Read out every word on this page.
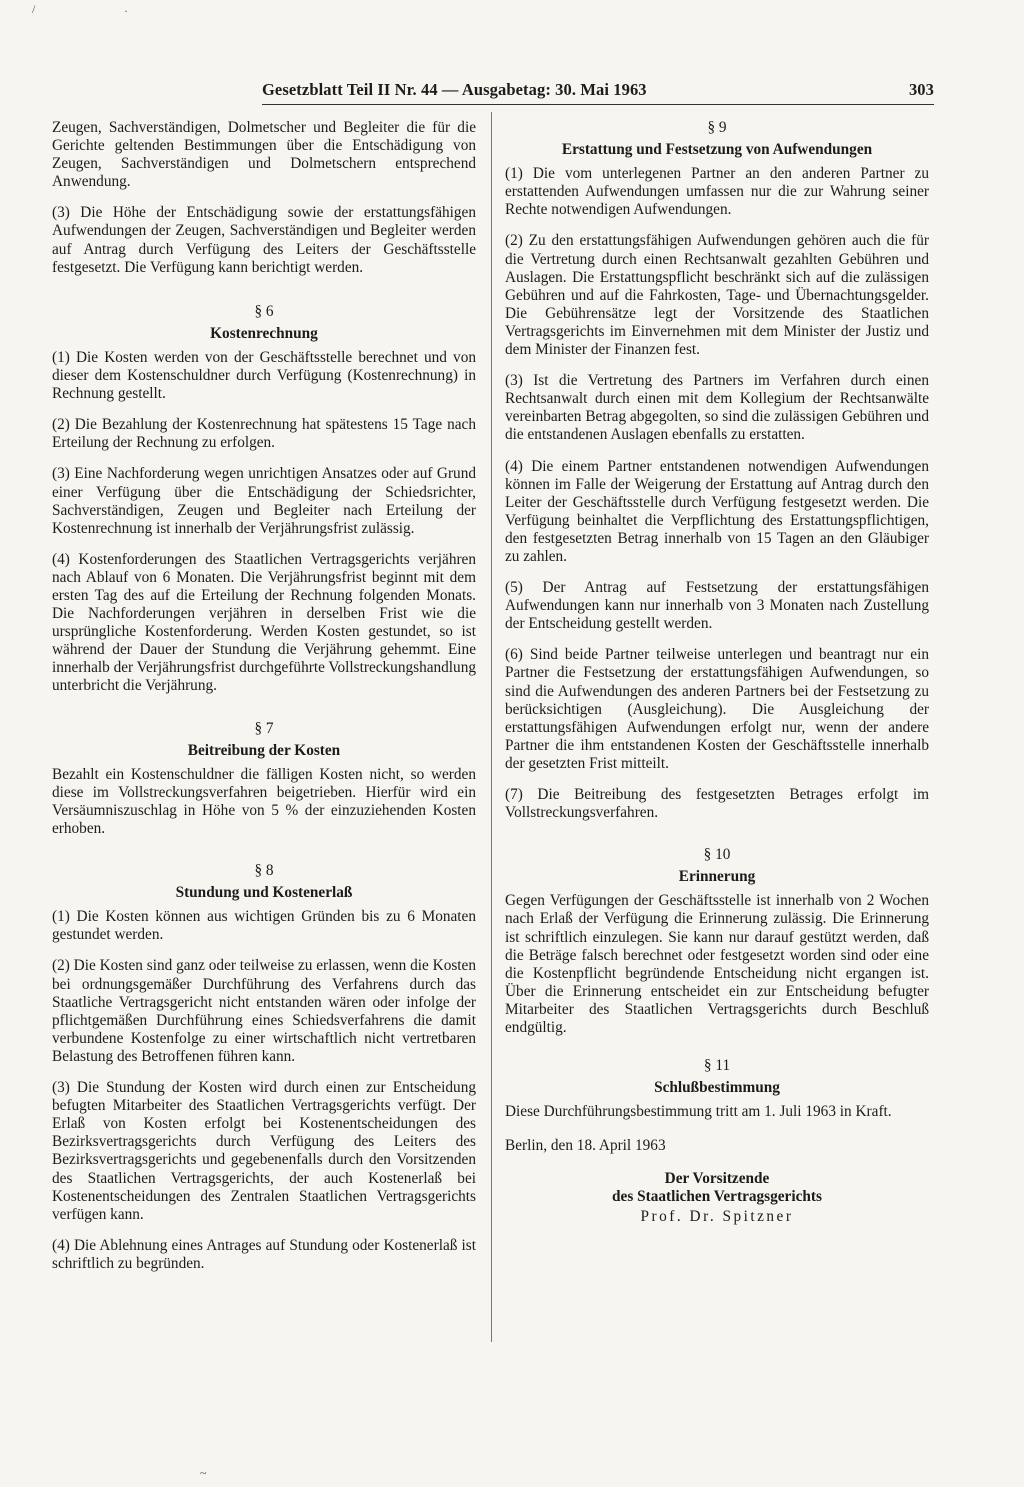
/	·
~
Gesetzblatt Teil II Nr. 44 — Ausgabetag: 30. Mai 1963	303

Zeugen, Sachverständigen, Dolmetscher und Begleiter die für die Gerichte geltenden Bestimmungen über die Entschädigung von Zeugen, Sachverständigen und Dolmetschern entsprechend Anwendung.

(3) Die Höhe der Entschädigung sowie der erstattungsfähigen Aufwendungen der Zeugen, Sachverständigen und Begleiter werden auf Antrag durch Verfügung des Leiters der Geschäftsstelle festgesetzt. Die Verfügung kann berichtigt werden.

§ 6
Kostenrechnung

(1) Die Kosten werden von der Geschäftsstelle berechnet und von dieser dem Kostenschuldner durch Verfügung (Kostenrechnung) in Rechnung gestellt.

(2) Die Bezahlung der Kostenrechnung hat spätestens 15 Tage nach Erteilung der Rechnung zu erfolgen.

(3) Eine Nachforderung wegen unrichtigen Ansatzes oder auf Grund einer Verfügung über die Entschädigung der Schiedsrichter, Sachverständigen, Zeugen und Begleiter nach Erteilung der Kostenrechnung ist innerhalb der Verjährungsfrist zulässig.

(4) Kostenforderungen des Staatlichen Vertragsgerichts verjähren nach Ablauf von 6 Monaten. Die Verjährungsfrist beginnt mit dem ersten Tag des auf die Erteilung der Rechnung folgenden Monats. Die Nachforderungen verjähren in derselben Frist wie die ursprüngliche Kostenforderung. Werden Kosten gestundet, so ist während der Dauer der Stundung die Verjährung gehemmt. Eine innerhalb der Verjährungsfrist durchgeführte Vollstreckungshandlung unterbricht die Verjährung.

§ 7
Beitreibung der Kosten

Bezahlt ein Kostenschuldner die fälligen Kosten nicht, so werden diese im Vollstreckungsverfahren beigetrieben. Hierfür wird ein Versäumniszuschlag in Höhe von 5 % der einzuziehenden Kosten erhoben.

§ 8
Stundung und Kostenerlaß

(1) Die Kosten können aus wichtigen Gründen bis zu 6 Monaten gestundet werden.

(2) Die Kosten sind ganz oder teilweise zu erlassen, wenn die Kosten bei ordnungsgemäßer Durchführung des Verfahrens durch das Staatliche Vertragsgericht nicht entstanden wären oder infolge der pflichtgemäßen Durchführung eines Schiedsverfahrens die damit verbundene Kostenfolge zu einer wirtschaftlich nicht vertretbaren Belastung des Betroffenen führen kann.

(3) Die Stundung der Kosten wird durch einen zur Entscheidung befugten Mitarbeiter des Staatlichen Vertragsgerichts verfügt. Der Erlaß von Kosten erfolgt bei Kostenentscheidungen des Bezirksvertragsgerichts durch Verfügung des Leiters des Bezirksvertragsgerichts und gegebenenfalls durch den Vorsitzenden des Staatlichen Vertragsgerichts, der auch Kostenerlaß bei Kostenentscheidungen des Zentralen Staatlichen Vertragsgerichts verfügen kann.

(4) Die Ablehnung eines Antrages auf Stundung oder Kostenerlaß ist schriftlich zu begründen.

§ 9
Erstattung und Festsetzung von Aufwendungen

(1) Die vom unterlegenen Partner an den anderen Partner zu erstattenden Aufwendungen umfassen nur die zur Wahrung seiner Rechte notwendigen Aufwendungen.

(2) Zu den erstattungsfähigen Aufwendungen gehören auch die für die Vertretung durch einen Rechtsanwalt gezahlten Gebühren und Auslagen. Die Erstattungspflicht beschränkt sich auf die zulässigen Gebühren und auf die Fahrkosten, Tage- und Übernachtungsgelder. Die Gebührensätze legt der Vorsitzende des Staatlichen Vertragsgerichts im Einvernehmen mit dem Minister der Justiz und dem Minister der Finanzen fest.

(3) Ist die Vertretung des Partners im Verfahren durch einen Rechtsanwalt durch einen mit dem Kollegium der Rechtsanwälte vereinbarten Betrag abgegolten, so sind die zulässigen Gebühren und die entstandenen Auslagen ebenfalls zu erstatten.

(4) Die einem Partner entstandenen notwendigen Aufwendungen können im Falle der Weigerung der Erstattung auf Antrag durch den Leiter der Geschäftsstelle durch Verfügung festgesetzt werden. Die Verfügung beinhaltet die Verpflichtung des Erstattungspflichtigen, den festgesetzten Betrag innerhalb von 15 Tagen an den Gläubiger zu zahlen.

(5) Der Antrag auf Festsetzung der erstattungsfähigen Aufwendungen kann nur innerhalb von 3 Monaten nach Zustellung der Entscheidung gestellt werden.

(6) Sind beide Partner teilweise unterlegen und beantragt nur ein Partner die Festsetzung der erstattungsfähigen Aufwendungen, so sind die Aufwendungen des anderen Partners bei der Festsetzung zu berücksichtigen (Ausgleichung). Die Ausgleichung der erstattungsfähigen Aufwendungen erfolgt nur, wenn der andere Partner die ihm entstandenen Kosten der Geschäftsstelle innerhalb der gesetzten Frist mitteilt.

(7) Die Beitreibung des festgesetzten Betrages erfolgt im Vollstreckungsverfahren.

§ 10
Erinnerung

Gegen Verfügungen der Geschäftsstelle ist innerhalb von 2 Wochen nach Erlaß der Verfügung die Erinnerung zulässig. Die Erinnerung ist schriftlich einzulegen. Sie kann nur darauf gestützt werden, daß die Beträge falsch berechnet oder festgesetzt worden sind oder eine die Kostenpflicht begründende Entscheidung nicht ergangen ist. Über die Erinnerung entscheidet ein zur Entscheidung befugter Mitarbeiter des Staatlichen Vertragsgerichts durch Beschluß endgültig.

§ 11
Schlußbestimmung

Diese Durchführungsbestimmung tritt am 1. Juli 1963 in Kraft.

Berlin, den 18. April 1963

Der Vorsitzende
des Staatlichen Vertragsgerichts
Prof. Dr. Spitzner
